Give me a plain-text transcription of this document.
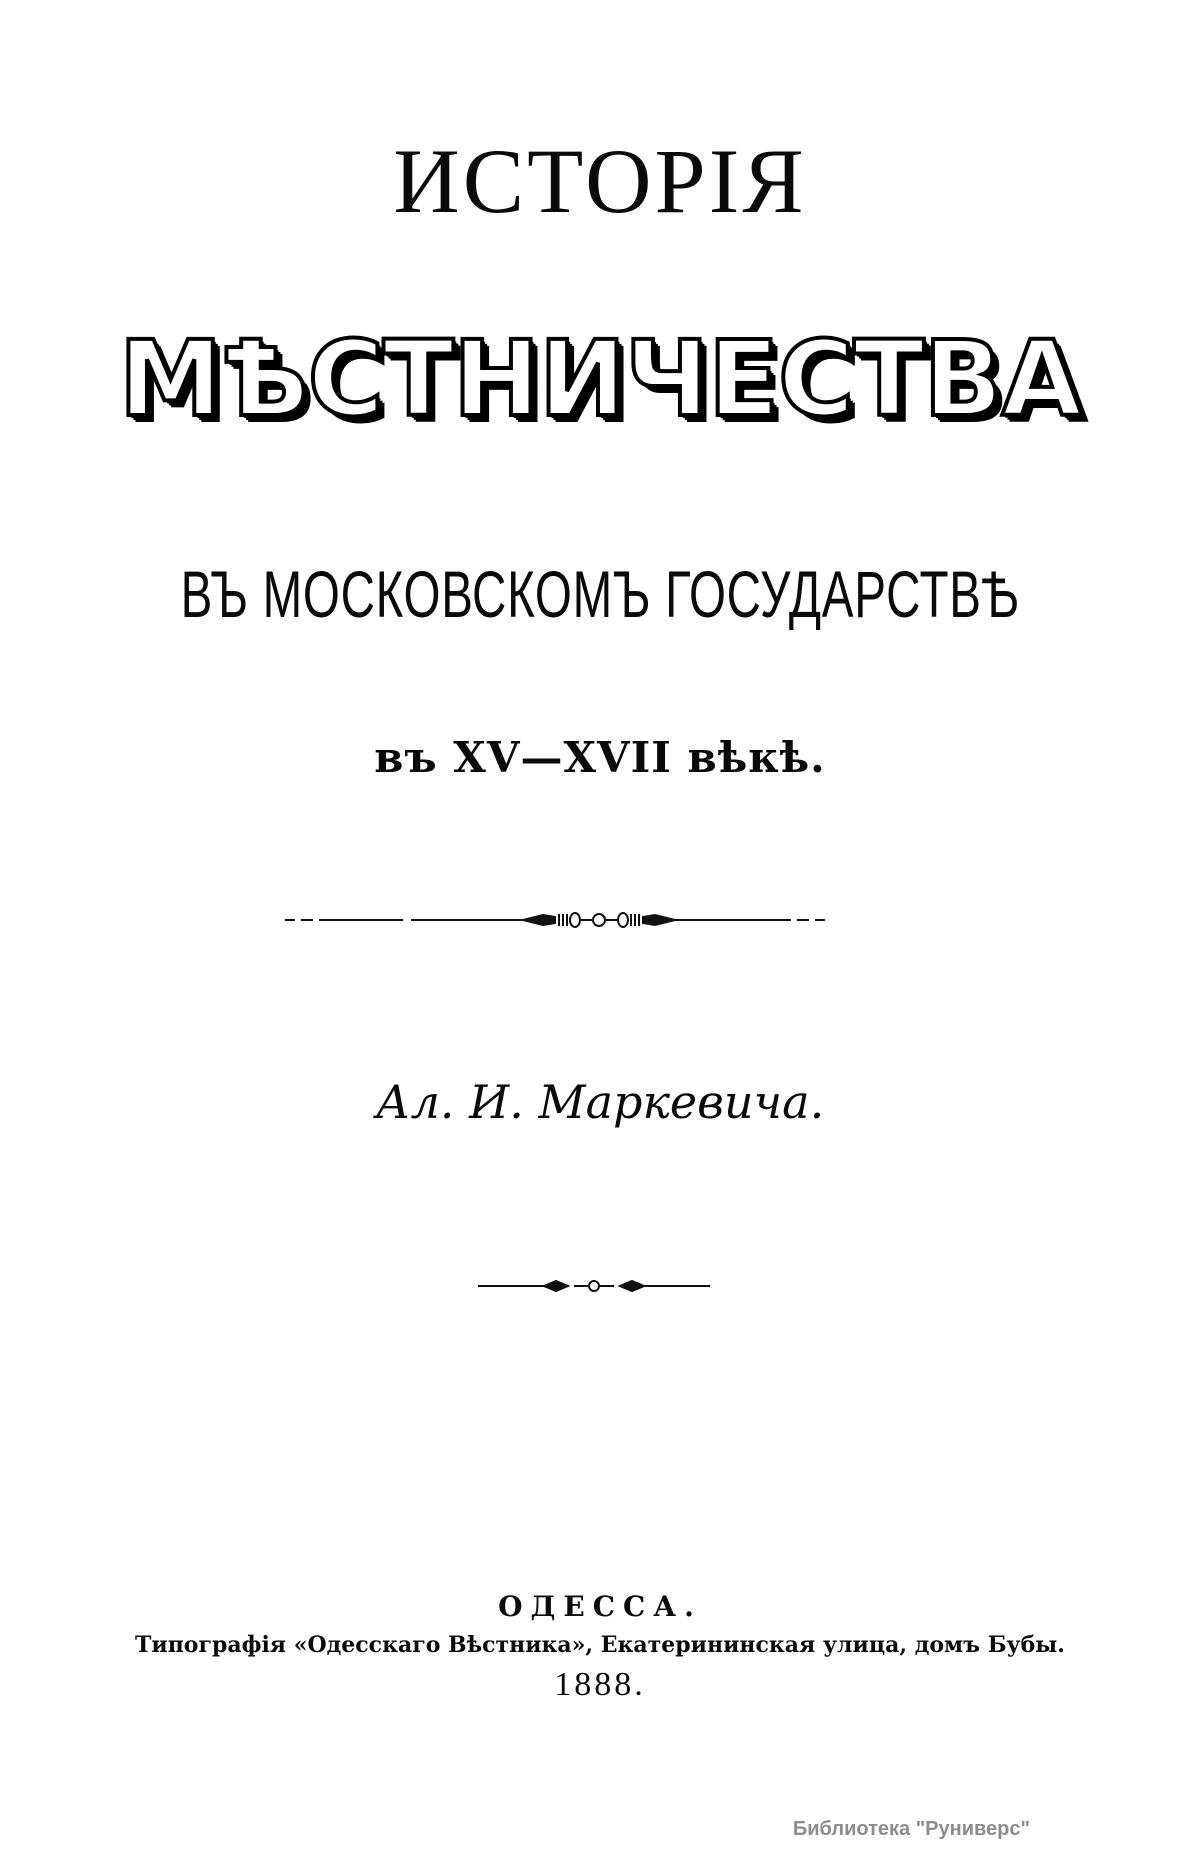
ИСТОРІЯ
МѢСТНИЧЕСТВА
ВЪ МОСКОВСКОМЪ ГОСУДАРСТВѢ
въ XV—XVII вѣкѣ.
Ал. И. Маркевича.
ОДЕССА.
Типографія «Одесскаго Вѣстника», Екатерининская улица, домъ Бубы.
1888.
Библиотека "Руниверс"
